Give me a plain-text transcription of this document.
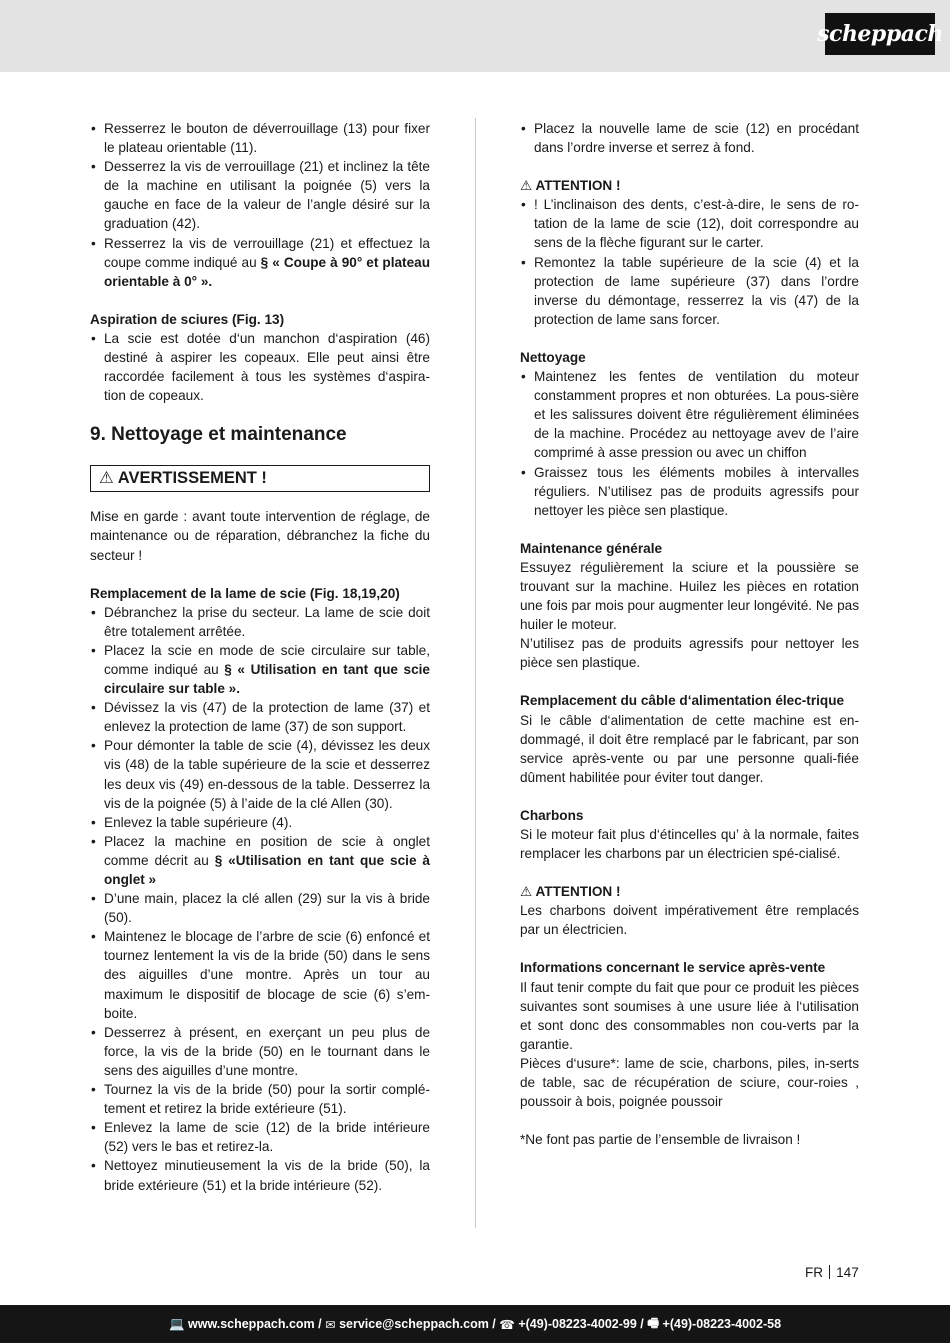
scheppach
• Resserrez le bouton de déverrouillage (13) pour fixer le plateau orientable (11).
• Desserrez la vis de verrouillage (21) et inclinez la tête de la machine en utilisant la poignée (5) vers la gauche en face de la valeur de l’angle désiré sur la graduation (42).
• Resserrez la vis de verrouillage (21) et effectuez la coupe comme indiqué au § « Coupe à 90° et plateau orientable à 0° ».

Aspiration de sciures (Fig. 13)

• La scie est dotée d‘un manchon d‘aspiration (46) destiné à aspirer les copeaux. Elle peut ainsi être raccordée facilement à tous les systèmes d‘aspira-tion de copeaux.

9. Nettoyage et maintenance

⚠ AVERTISSEMENT !

Mise en garde : avant toute intervention de réglage, de maintenance ou de réparation, débranchez la fiche du secteur !

Remplacement de la lame de scie (Fig. 18,19,20)

• Débranchez la prise du secteur. La lame de scie doit être totalement arrêtée.
• Placez la scie en mode de scie circulaire sur table, comme indiqué au § « Utilisation en tant que scie circulaire sur table ».
• Dévissez la vis (47) de la protection de lame (37) et enlevez la protection de lame (37) de son support.
• Pour démonter la table de scie (4), dévissez les deux vis (48) de la table supérieure de la scie et desserrez les deux vis (49) en-dessous de la table. Desserrez la vis de la poignée (5) à l’aide de la clé Allen (30).
• Enlevez la table supérieure (4).
• Placez la machine en position de scie à onglet comme décrit au § «Utilisation en tant que scie à onglet »
• D’une main, placez la clé allen (29) sur la vis à bride (50).
• Maintenez le blocage de l’arbre de scie (6) enfoncé et tournez lentement la vis de la bride (50) dans le sens des aiguilles d’une montre. Après un tour au maximum le dispositif de blocage de scie (6) s’em-boite.
• Desserrez à présent, en exerçant un peu plus de force, la vis de la bride (50) en le tournant dans le sens des aiguilles d’une montre.
• Tournez la vis de la bride (50) pour la sortir complé-tement et retirez la bride extérieure (51).
• Enlevez la lame de scie (12) de la bride intérieure (52) vers le bas et retirez-la.
• Nettoyez minutieusement la vis de la bride (50), la bride extérieure (51) et la bride intérieure (52).
• Placez la nouvelle lame de scie (12) en procédant dans l’ordre inverse et serrez à fond.

⚠ ATTENTION !

• ! L’inclinaison des dents, c’est-à-dire, le sens de ro-tation de la lame de scie (12), doit correspondre au sens de la flèche figurant sur le carter.
• Remontez la table supérieure de la scie (4) et la protection de lame supérieure (37) dans l’ordre inverse du démontage, resserrez la vis (47) de la protection de lame sans forcer.

Nettoyage

• Maintenez les fentes de ventilation du moteur constamment propres et non obturées. La pous-sière et les salissures doivent être régulièrement éliminées de la machine. Procédez au nettoyage avev de l’aire comprimé à asse pression ou avec un chiffon
• Graissez tous les éléments mobiles à intervalles réguliers. N’utilisez pas de produits agressifs pour nettoyer les pièce sen plastique.

Maintenance générale

Essuyez régulièrement la sciure et la poussière se trouvant sur la machine. Huilez les pièces en rotation une fois par mois pour augmenter leur longévité. Ne pas huiler le moteur.

N’utilisez pas de produits agressifs pour nettoyer les pièce sen plastique.

Remplacement du câble d‘alimentation élec-trique

Si le câble d‘alimentation de cette machine est en-dommagé, il doit être remplacé par le fabricant, par son service après-vente ou par une personne quali-fiée dûment habilitée pour éviter tout danger.

Charbons

Si le moteur fait plus d‘étincelles qu’ à la normale, faites remplacer les charbons par un électricien spé-cialisé.

⚠ ATTENTION !

Les charbons doivent impérativement être remplacés par un électricien.

Informations concernant le service après-vente

Il faut tenir compte du fait que pour ce produit les pièces suivantes sont soumises à une usure liée à l‘utilisation et sont donc des consommables non cou-verts par la garantie.

Pièces d‘usure*: lame de scie, charbons, piles, in-serts de table, sac de récupération de sciure, cour-roies , poussoir à bois, poignée poussoir

*Ne font pas partie de l’ensemble de livraison !

FR 147
💻
www.scheppach.com / ✉
service@scheppach.com / ☎
+(49)-08223-4002-99 / 🖷
+(49)-08223-4002-58
